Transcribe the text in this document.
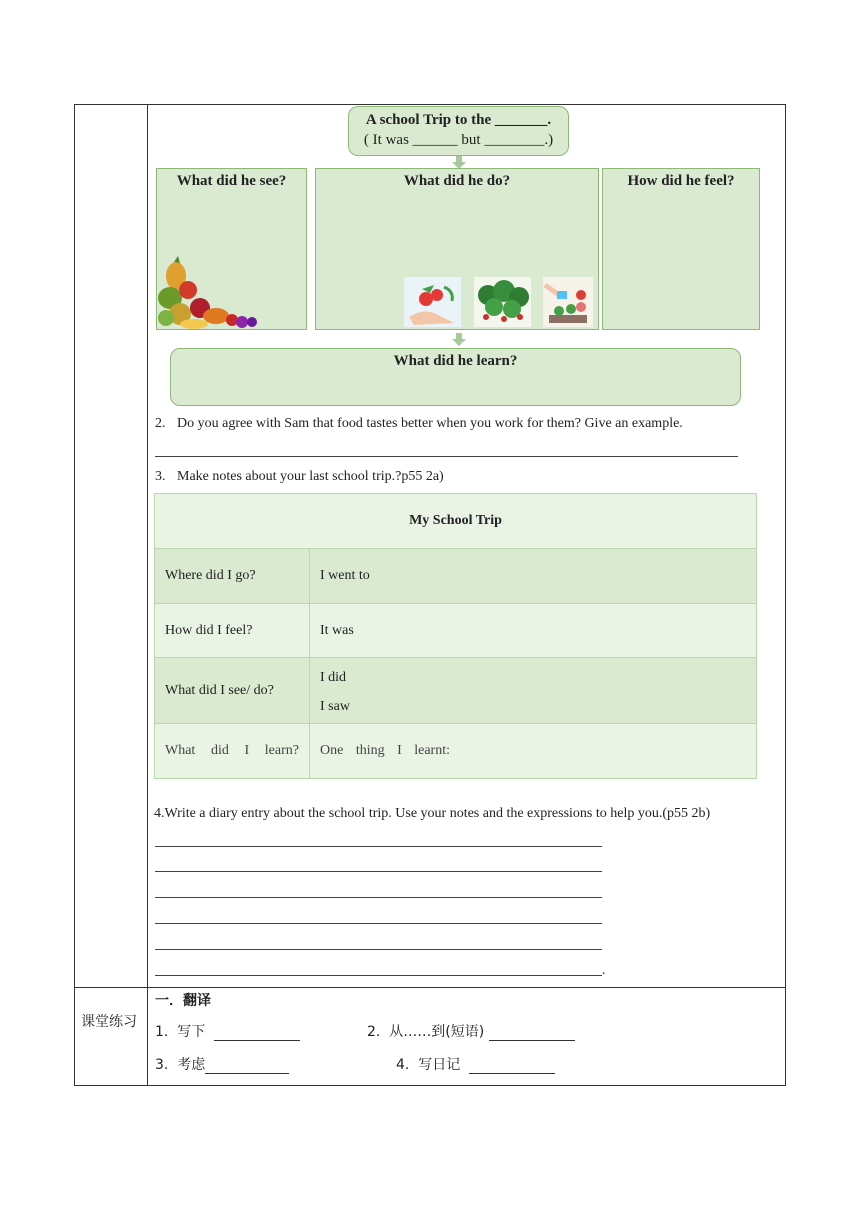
课堂练习
A school Trip to the _______.
( It was ______ but ________.)
What did he see?	What did he do?	How did he feel?
What did he learn?
2. Do you agree with Sam that food tastes better when you work for them? Give an example.
3. Make notes about your last school trip.?p55 2a)
My School Trip	
Where did I go?	I went to
How did I feel?	It was
What did I see/ do?	I did
I saw

What did I learn?	One thing I learnt:
4.Write a diary entry about the school trip. Use your notes and the expressions to help you.(p55 2b)
.
一．翻译
1. 写下	2. 从……到(短语)
3. 考虑	4. 写日记
